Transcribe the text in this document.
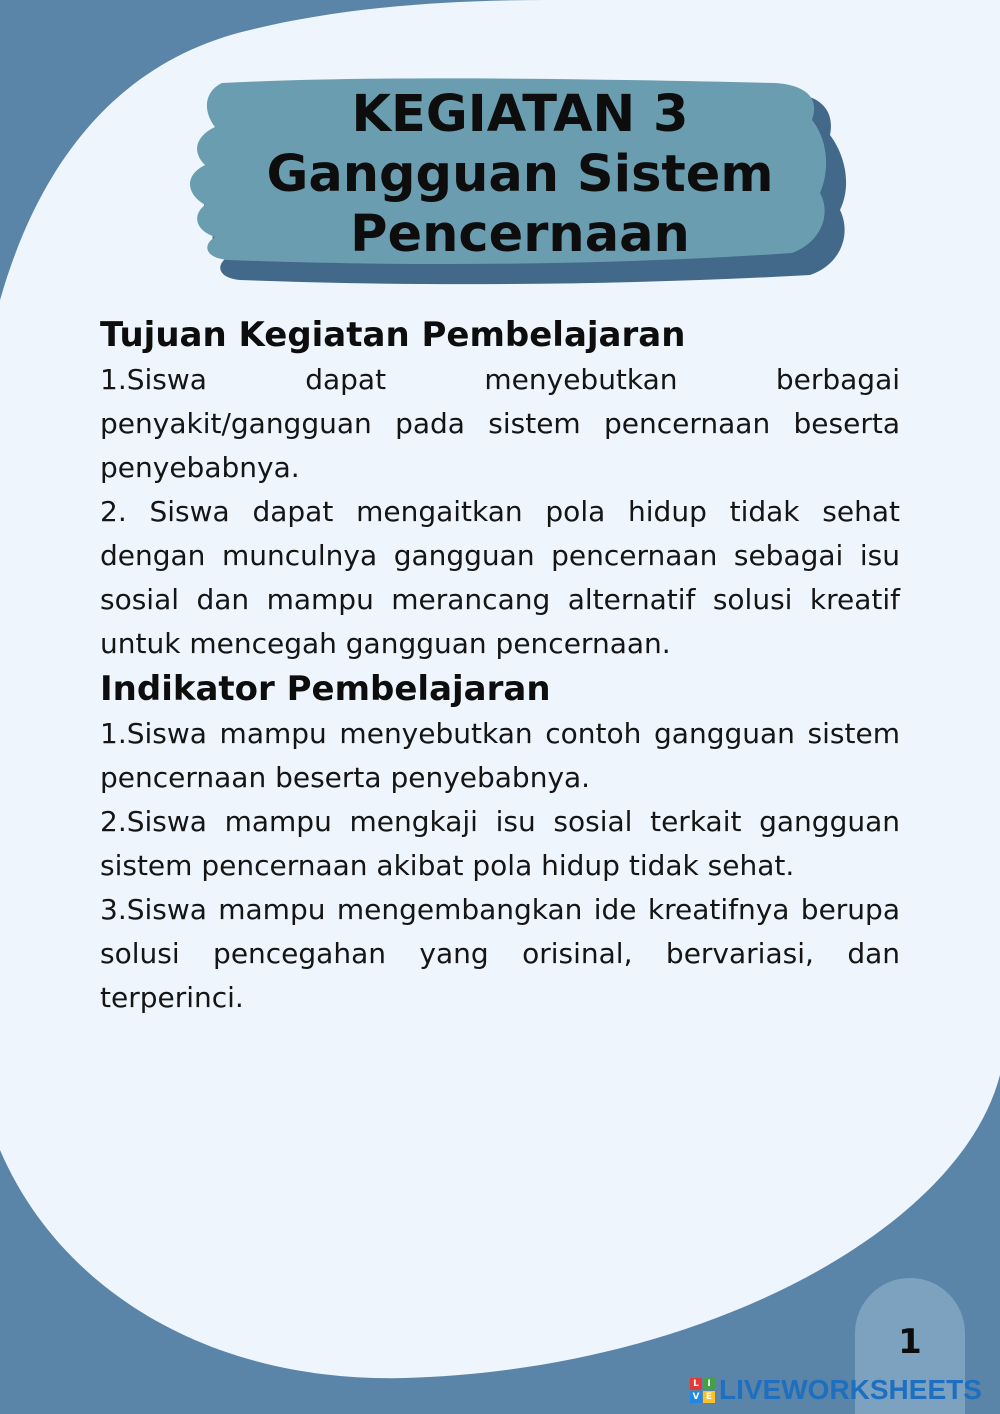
KEGIATAN 3
Gangguan Sistem
Pencernaan
Tujuan Kegiatan Pembelajaran

1.Siswa dapat menyebutkan berbagai penyakit/gangguan pada sistem pencernaan beserta penyebabnya.

2. Siswa dapat mengaitkan pola hidup tidak sehat dengan munculnya gangguan pencernaan sebagai isu sosial dan mampu merancang alternatif solusi kreatif untuk mencegah gangguan pencernaan.

Indikator Pembelajaran

1.Siswa mampu menyebutkan contoh gangguan sistem pencernaan beserta penyebabnya.

2.Siswa mampu mengkaji isu sosial terkait gangguan sistem pencernaan akibat pola hidup tidak sehat.

3.Siswa mampu mengembangkan ide kreatifnya berupa solusi pencegahan yang orisinal, bervariasi, dan terperinci.

1
L I
V E LIVEWORKSHEETS
